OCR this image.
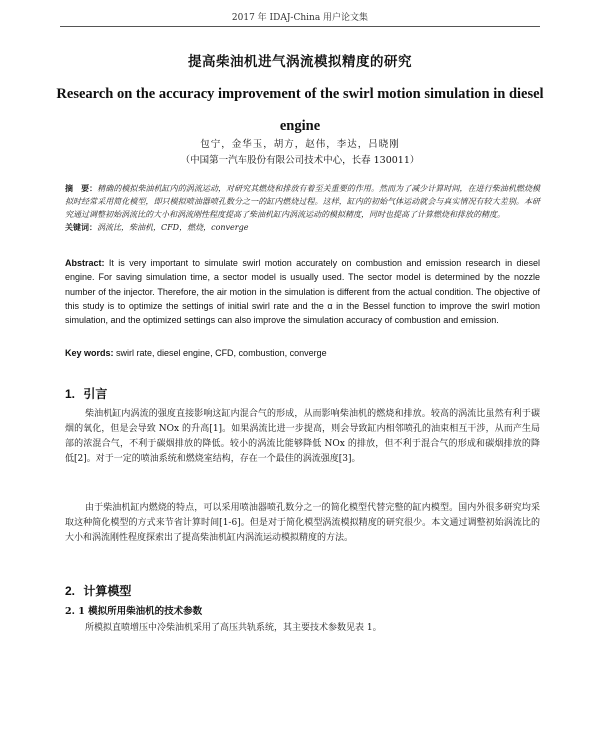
2017 年 IDAJ-China 用户论文集
提高柴油机进气涡流模拟精度的研究
Research on the accuracy improvement of the swirl motion simulation in diesel engine
包宁，金华玉，胡方，赵伟，李达，吕晓刚
（中国第一汽车股份有限公司技术中心，长春 130011）
摘　要：精确的模拟柴油机缸内的涡流运动，对研究其燃烧和排放有着至关重要的作用。然而为了减少计算时间，在进行柴油机燃烧模拟时经常采用简化模型，即只模拟喷油器喷孔数分之一的缸内燃烧过程。这样，缸内的初始气体运动就会与真实情况有较大差别。本研究通过调整初始涡流比的大小和涡流刚性程度提高了柴油机缸内涡流运动的模拟精度，同时也提高了计算燃烧和排放的精度。
关键词：涡流比，柴油机，CFD，燃烧，converge
Abstract: It is very important to simulate swirl motion accurately on combustion and emission research in diesel engine. For saving simulation time, a sector model is usually used. The sector model is determined by the nozzle number of the injector. Therefore, the air motion in the simulation is different from the actual condition. The objective of this study is to optimize the settings of initial swirl rate and the α in the Bessel function to improve the swirl motion simulation, and the optimized settings can also improve the simulation accuracy of combustion and emission.
Key words: swirl rate, diesel engine, CFD, combustion, converge
1. 引言
柴油机缸内涡流的强度直接影响这缸内混合气的形成，从而影响柴油机的燃烧和排放。较高的涡流比虽然有利于碳烟的氧化，但是会导致 NOx 的升高[1]。如果涡流比进一步提高，则会导致缸内相邻喷孔的油束相互干涉，从而产生局部的浓混合气，不利于碳烟排放的降低。较小的涡流比能够降低 NOx 的排放，但不利于混合气的形成和碳烟排放的降低[2]。对于一定的喷油系统和燃烧室结构，存在一个最佳的涡流强度[3]。
由于柴油机缸内燃烧的特点，可以采用喷油器喷孔数分之一的简化模型代替完整的缸内模型。国内外很多研究均采取这种简化模型的方式来节省计算时间[1-6]。但是对于简化模型涡流模拟精度的研究很少。本文通过调整初始涡流比的大小和涡流刚性程度探索出了提高柴油机缸内涡流运动模拟精度的方法。
2. 计算模型
2. 1 模拟所用柴油机的技术参数
所模拟直喷增压中冷柴油机采用了高压共轨系统，其主要技术参数见表 1。
